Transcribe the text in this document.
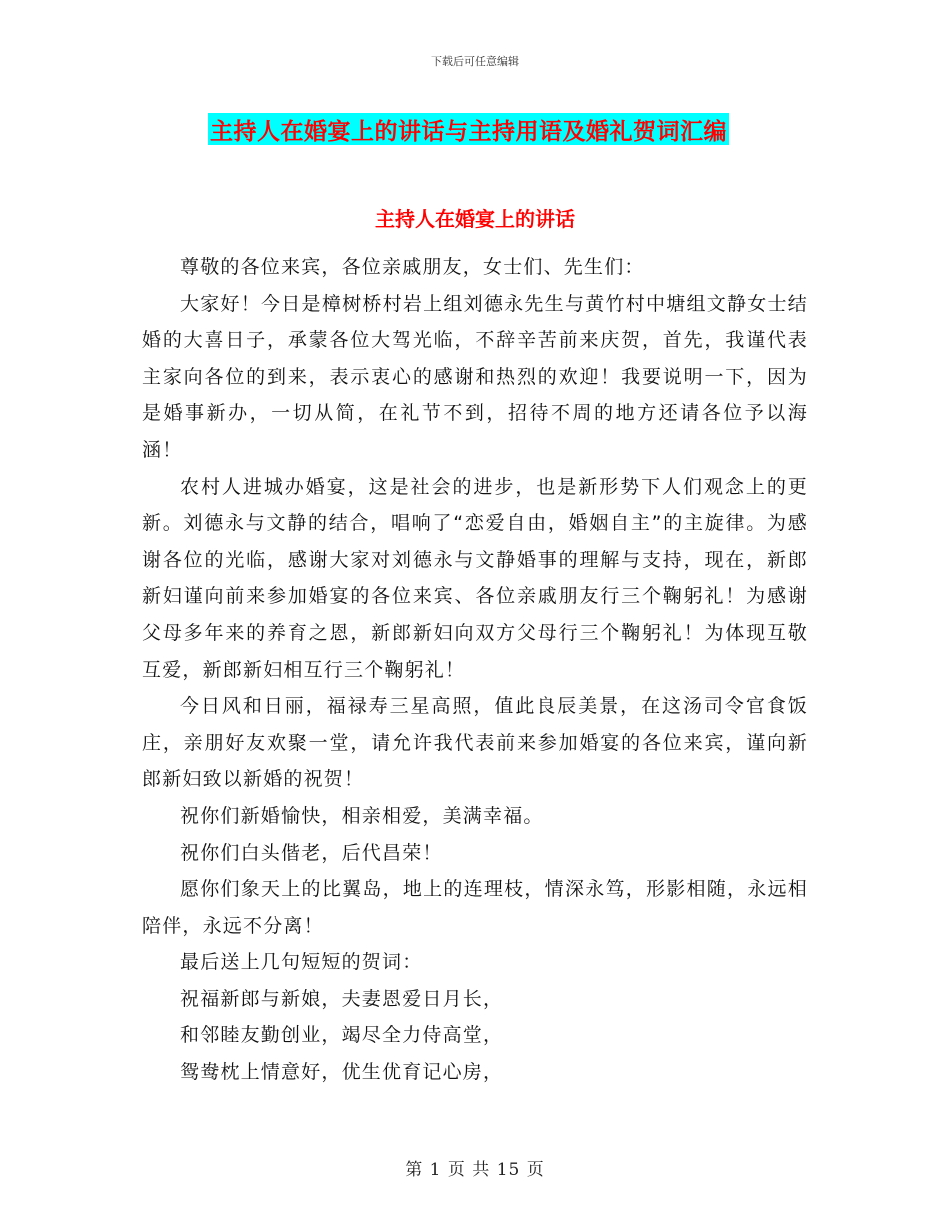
下载后可任意编辑
主持人在婚宴上的讲话与主持用语及婚礼贺词汇编
主持人在婚宴上的讲话

尊敬的各位来宾，各位亲戚朋友，女士们、先生们：

大家好！今日是樟树桥村岩上组刘德永先生与黄竹村中塘组文静女士结婚的大喜日子，承蒙各位大驾光临，不辞辛苦前来庆贺，首先，我谨代表主家向各位的到来，表示衷心的感谢和热烈的欢迎！我要说明一下，因为是婚事新办，一切从简，在礼节不到，招待不周的地方还请各位予以海涵！

农村人进城办婚宴，这是社会的进步，也是新形势下人们观念上的更新。刘德永与文静的结合，唱响了“恋爱自由，婚姻自主”的主旋律。为感谢各位的光临，感谢大家对刘德永与文静婚事的理解与支持，现在，新郎新妇谨向前来参加婚宴的各位来宾、各位亲戚朋友行三个鞠躬礼！为感谢父母多年来的养育之恩，新郎新妇向双方父母行三个鞠躬礼！为体现互敬互爱，新郎新妇相互行三个鞠躬礼！

今日风和日丽，福禄寿三星高照，值此良辰美景，在这汤司令官食饭庄，亲朋好友欢聚一堂，请允许我代表前来参加婚宴的各位来宾，谨向新郎新妇致以新婚的祝贺！

祝你们新婚愉快，相亲相爱，美满幸福。

祝你们白头偕老，后代昌荣！

愿你们象天上的比翼岛，地上的连理枝，情深永笃，形影相随，永远相陪伴，永远不分离！

最后送上几句短短的贺词：

祝福新郎与新娘，夫妻恩爱日月长，

和邻睦友勤创业，竭尽全力侍高堂，

鸳鸯枕上情意好，优生优育记心房，

第 1 页 共 15 页
